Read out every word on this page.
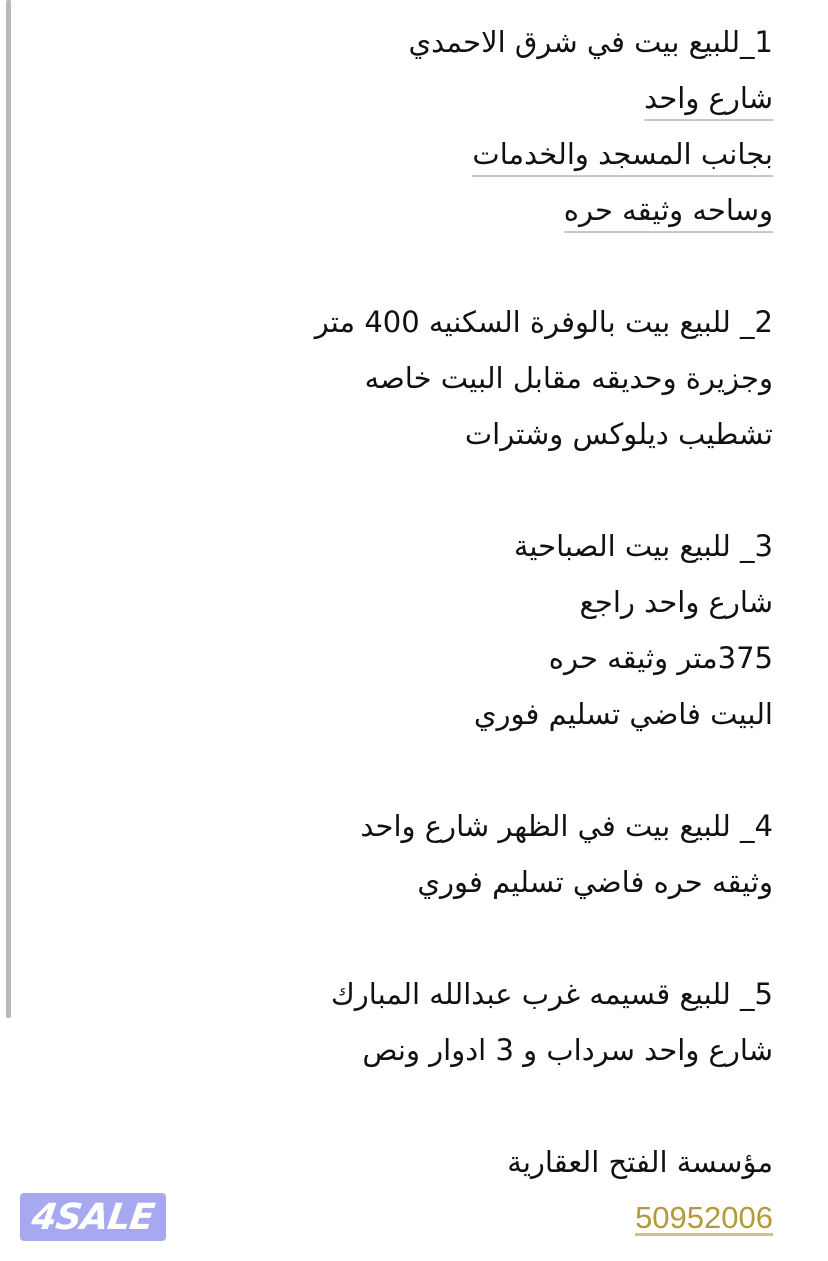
1_للبيع بيت في شرق الاحمدي
شارع واحد
بجانب المسجد والخدمات
وساحه وثيقه حره
2_ للبيع بيت بالوفرة السكنيه 400 متر
وجزيرة وحديقه مقابل البيت خاصه
تشطيب ديلوكس وشترات
3_ للبيع بيت الصباحية
شارع واحد راجع
375متر وثيقه حره
البيت فاضي تسليم فوري
4_ للبيع بيت في الظهر شارع واحد
وثيقه حره فاضي تسليم فوري
5_ للبيع قسيمه غرب عبدالله المبارك
شارع واحد سرداب و 3 ادوار ونص
مؤسسة الفتح العقارية
50952006
4SALE
